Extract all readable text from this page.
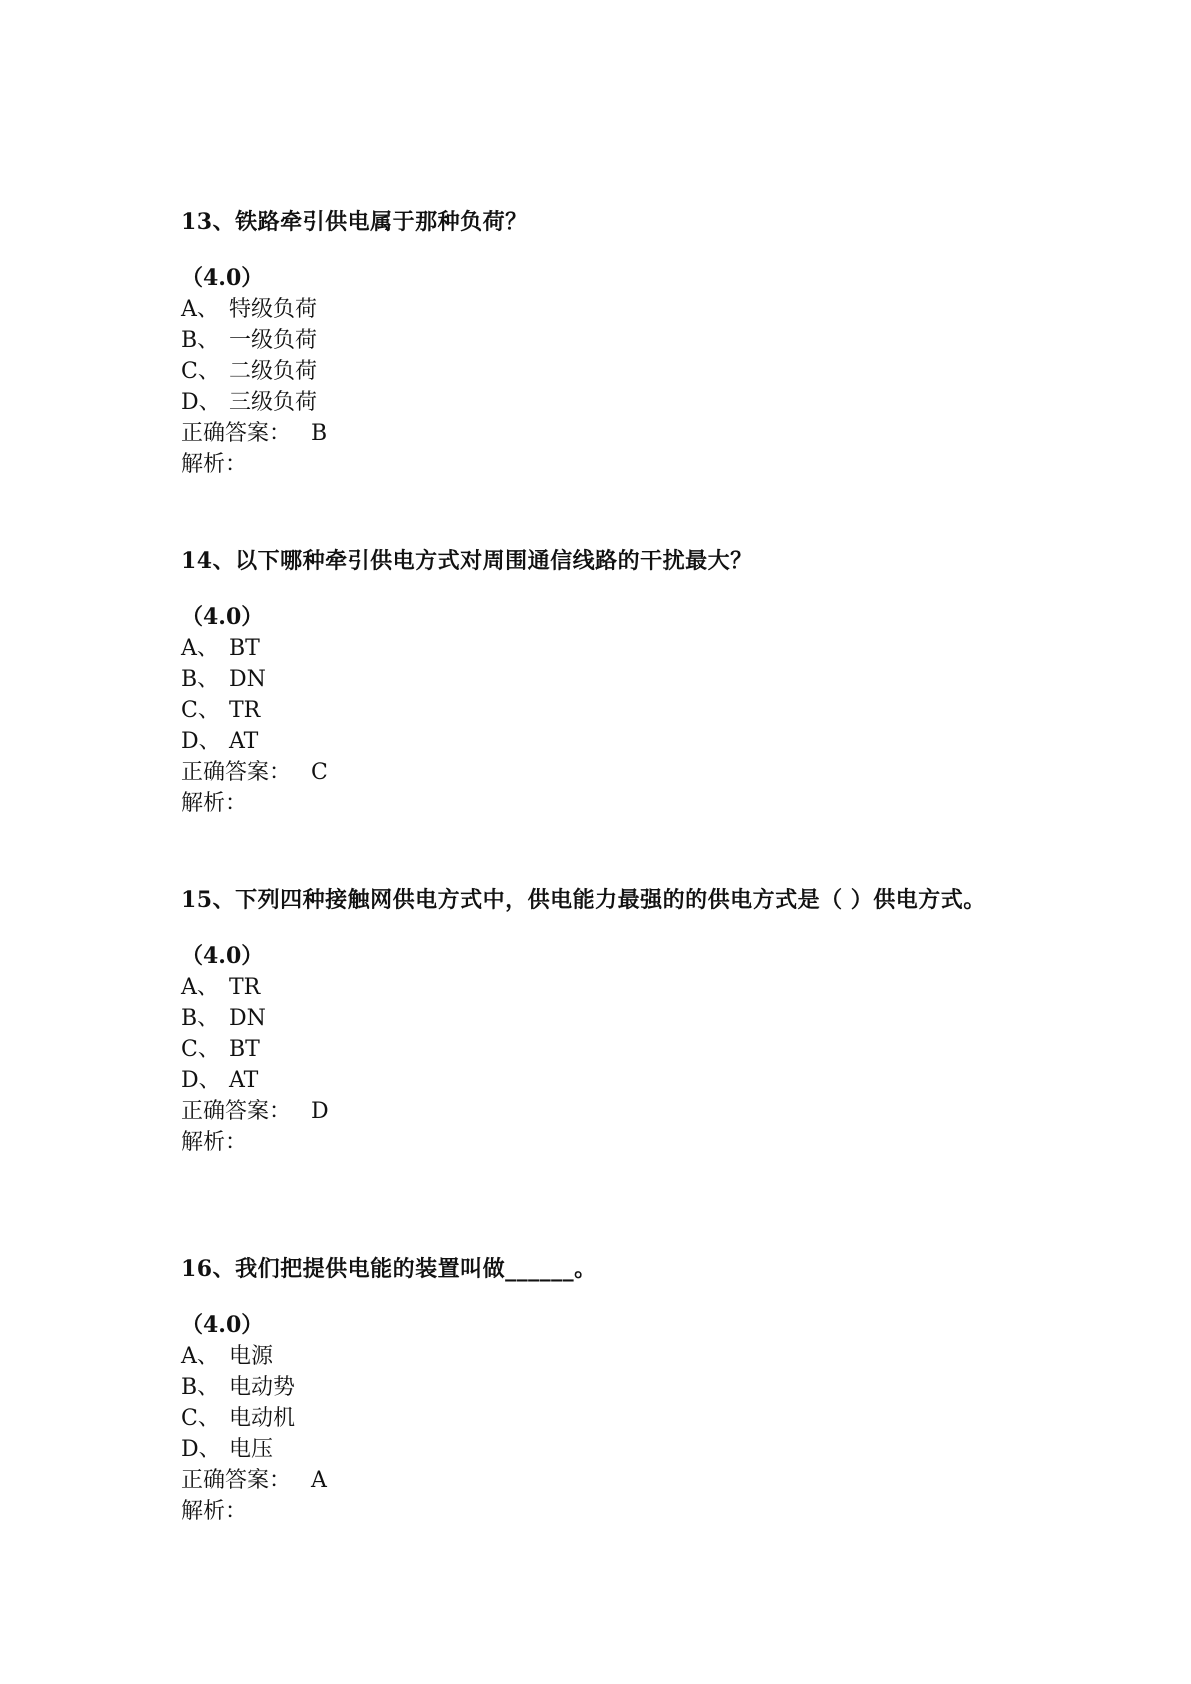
13、铁路牵引供电属于那种负荷？

（4.0）

A、 特级负荷

B、 一级负荷

C、 二级负荷

D、 三级负荷

正确答案： B

解析：

14、以下哪种牵引供电方式对周围通信线路的干扰最大？

（4.0）

A、 BT

B、 DN

C、 TR

D、 AT

正确答案： C

解析：

15、下列四种接触网供电方式中，供电能力最强的的供电方式是（ ）供电方式。

（4.0）

A、 TR

B、 DN

C、 BT

D、 AT

正确答案： D

解析：

16、我们把提供电能的装置叫做______。

（4.0）

A、 电源

B、 电动势

C、 电动机

D、 电压

正确答案： A

解析：
